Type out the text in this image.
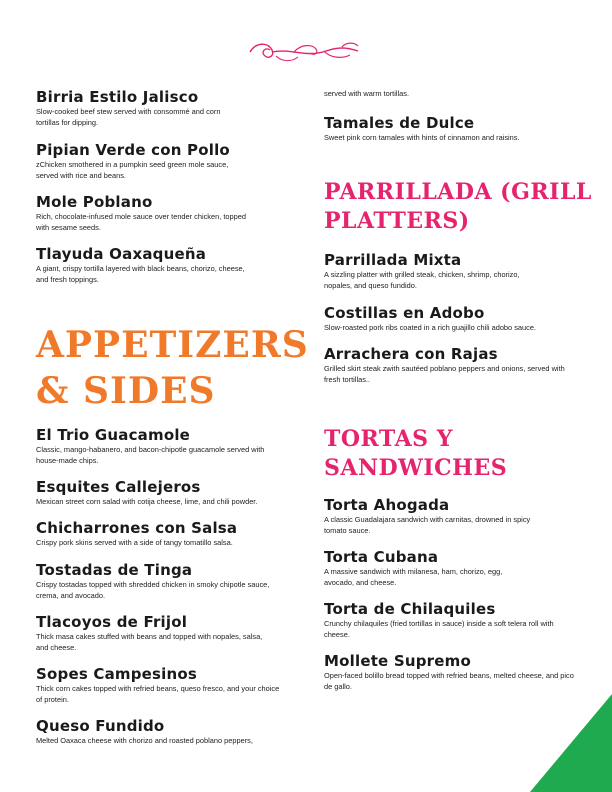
Birria Estilo Jalisco
Slow-cooked beef stew served with consommé and corn tortillas for dipping.
Pipian Verde con Pollo
zChicken smothered in a pumpkin seed green mole sauce, served with rice and beans.
Mole Poblano
Rich, chocolate-infused mole sauce over tender chicken, topped with sesame seeds.
Tlayuda Oaxaqueña
A giant, crispy tortilla layered with black beans, chorizo, cheese, and fresh toppings.
APPETIZERS
& SIDES
El Trio Guacamole
Classic, mango-habanero, and bacon-chipotle guacamole served with house-made chips.
Esquites Callejeros
Mexican street corn salad with cotija cheese, lime, and chili powder.
Chicharrones con Salsa
Crispy pork skins served with a side of tangy tomatillo salsa.
Tostadas de Tinga
Crispy tostadas topped with shredded chicken in smoky chipotle sauce, crema, and avocado.
Tlacoyos de Frijol
Thick masa cakes stuffed with beans and topped with nopales, salsa, and cheese.
Sopes Campesinos
Thick corn cakes topped with refried beans, queso fresco, and your choice of protein.
Queso Fundido
Melted Oaxaca cheese with chorizo and roasted poblano peppers,
served with warm tortillas.
Tamales de Dulce
Sweet pink corn tamales with hints of cinnamon and raisins.
PARRILLADA (GRILL
PLATTERS)
Parrillada Mixta
A sizzling platter with grilled steak, chicken, shrimp, chorizo, nopales, and queso fundido.
Costillas en Adobo
Slow-roasted pork ribs coated in a rich guajillo chili adobo sauce.
Arrachera con Rajas
Grilled skirt steak zwith sautéed poblano peppers and onions, served with fresh tortillas..
TORTAS Y
SANDWICHES
Torta Ahogada
A classic Guadalajara sandwich with carnitas, drowned in spicy tomato sauce.
Torta Cubana
A massive sandwich with milanesa, ham, chorizo, egg, avocado, and cheese.
Torta de Chilaquiles
Crunchy chilaquiles (fried tortillas in sauce) inside a soft telera roll with cheese.
Mollete Supremo
Open-faced bolillo bread topped with refried beans, melted cheese, and pico de gallo.
